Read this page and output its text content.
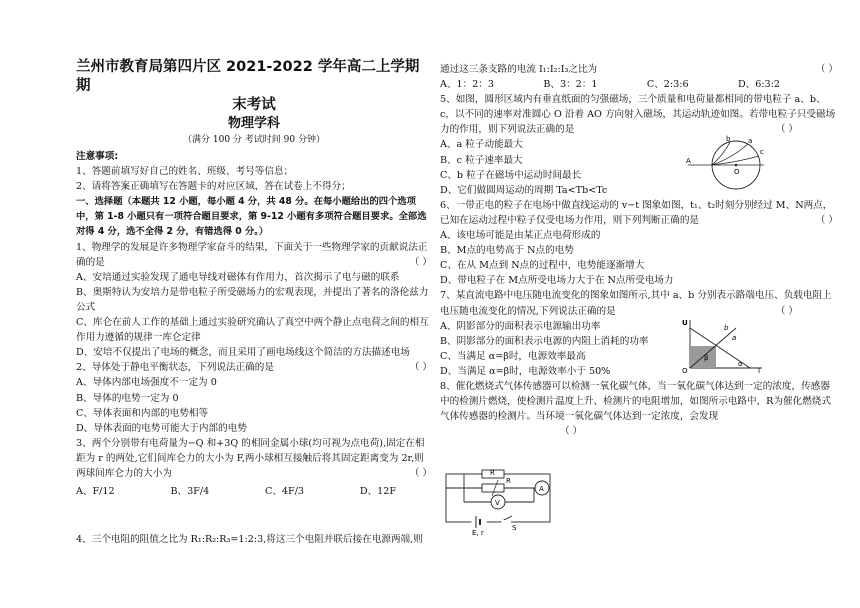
兰州市教育局第四片区 2021-2022 学年高二上学期期

末考试

物理学科

（满分 100 分 考试时间 90 分钟）

注意事项:

1、答题前填写好自己的姓名、班级、考号等信息；

2、请将答案正确填写在答题卡的对应区域，答在试卷上不得分；

一、选择题（本题共 12 小题，每小题 4 分，共 48 分。在每小题给出的四个选项中，第 1-8 小题只有一项符合题目要求，第 9-12 小题有多项符合题目要求。全部选对得 4 分，选不全得 2 分，有错选得 0 分。）

1、物理学的发展是许多物理学家奋斗的结果，下面关于一些物理学家的贡献说法正确的是	（ ）

A、安培通过实验发现了通电导线对磁体有作用力，首次揭示了电与磁的联系

B、奥斯特认为安培力是带电粒子所受磁场力的宏观表现，并提出了著名的洛伦兹力公式

C、库仑在前人工作的基础上通过实验研究确认了真空中两个静止点电荷之间的相互作用力遵循的规律一库仑定律

D、安培不仅提出了电场的概念，而且采用了画电场线这个简洁的方法描述电场

2、导体处于静电平衡状态，下列说法正确的是	（ ）

A、导体内部电场强度不一定为 0

B、导体的电势一定为 0

C、导体表面和内部的电势相等

D、导体表面的电势可能大于内部的电势

3、两个分别带有电荷量为−Q 和+3Q 的相同金属小球(均可视为点电荷),固定在相距为 r 的两处,它们间库仑力的大小为 F,两小球相互接触后将其固定距离变为 2r,则两球间库仑力的大小为	（ ）

A、F/12	B、3F/4	C、4F/3	D、12F

4、三个电阻的阻值之比为 R₁:R₂:R₃=1:2:3,将这三个电阻并联后接在电源两端,则

通过这三条支路的电流 I₁:I₂:I₃之比为	（ ）

A、1：2：3	B、3：2：1	C、2:3:6	D、6:3:2

5、如图，圆形区域内有垂直纸面的匀强磁场，三个质量和电荷量都相同的带电粒子 a、b、c，以不同的速率对准圆心 O 沿着 AO 方向射入磁场，其运动轨迹如图。若带电粒子只受磁场力的作用，则下列说法正确的是	（ ）

A、a 粒子动能最大

B、c 粒子速率最大

C、b 粒子在磁场中运动时间最长

D、它们做圆周运动的周期 Ta<Tb<Tc

6、一带正电的粒子在电场中做直线运动的 v−t 图象如图，t₁、t₂时刻分别经过 M、N两点，已知在运动过程中粒子仅受电场力作用，则下列判断正确的是	（ ）

A、该电场可能是由某正点电荷形成的

B、M点的电势高于 N点的电势

C、在从 M点到 N点的过程中，电势能逐渐增大

D、带电粒子在 M点所受电场力大于在 N点所受电场力

7、某直流电路中电压随电流变化的图象如图所示,其中 a、b 分别表示路端电压、负载电阻上电压随电流变化的情况,下列说法正确的是	（ ）

A、阴影部分的面积表示电源输出功率

B、阴影部分的面积表示电源的内阻上消耗的功率

C、当满足 α=β时，电源效率最高

D、当满足 α=β时，电源效率小于 50%

8、催化燃烧式气体传感器可以检测一氧化碳气体，当一氧化碳气体达到一定的浓度，传感器中的检测片燃烧，使检测片温度上升、检测片的电阻增加，如图所示电路中，R为催化燃烧式气体传感器的检测片。当环境一氧化碳气体达到一定浓度，会发现（ ）

A
O
a
b
c
U
O	I
a
b
β
α
R
R
A
V
E, r
S
